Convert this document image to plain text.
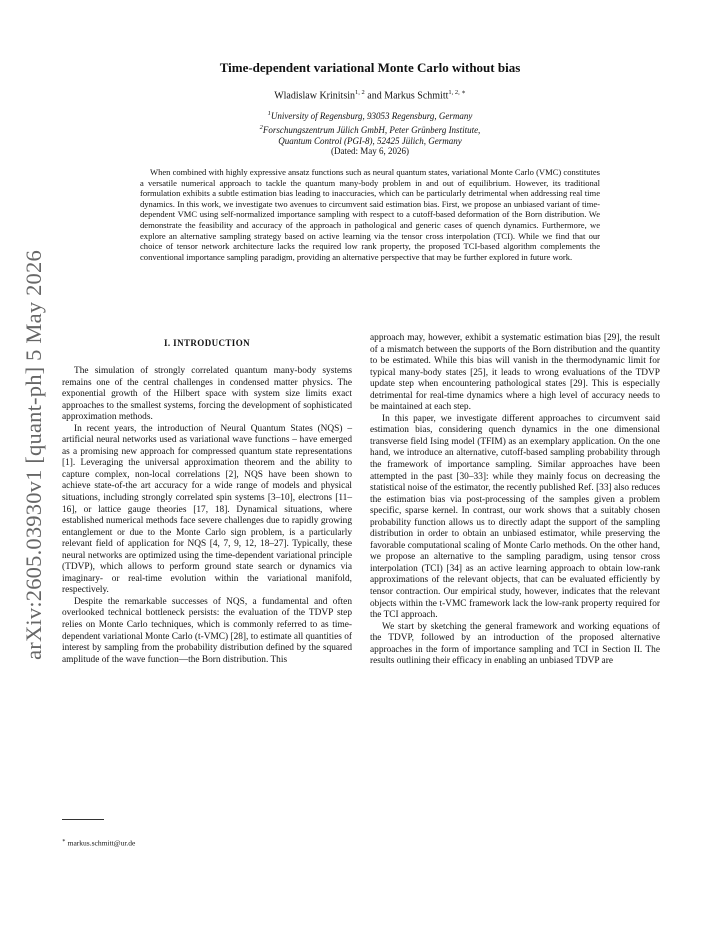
arXiv:2605.03930v1 [quant-ph] 5 May 2026
Time-dependent variational Monte Carlo without bias
Wladislaw Krinitsin$^{1, 2}$ and Markus Schmitt$^{1, 2, ∗}$
$^1$University of Regensburg, 93053 Regensburg, Germany
$^2$Forschungszentrum Jülich GmbH, Peter Grünberg Institute,
Quantum Control (PGI-8), 52425 Jülich, Germany
(Dated: May 6, 2026)
When combined with highly expressive ansatz functions such as neural quantum states, variational Monte Carlo (VMC) constitutes a versatile numerical approach to tackle the quantum many-body problem in and out of equilibrium. However, its traditional formulation exhibits a subtle estimation bias leading to inaccuracies, which can be particularly detrimental when addressing real time dynamics. In this work, we investigate two avenues to circumvent said estimation bias. First, we propose an unbiased variant of time-dependent VMC using self-normalized importance sampling with respect to a cutoff-based deformation of the Born distribution. We demonstrate the feasibility and accuracy of the approach in pathological and generic cases of quench dynamics. Furthermore, we explore an alternative sampling strategy based on active learning via the tensor cross interpolation (TCI). While we find that our choice of tensor network architecture lacks the required low rank property, the proposed TCI-based algorithm complements the conventional importance sampling paradigm, providing an alternative perspective that may be further explored in future work.
I. INTRODUCTION

The simulation of strongly correlated quantum many-body systems remains one of the central challenges in condensed matter physics. The exponential growth of the Hilbert space with system size limits exact approaches to the smallest systems, forcing the development of sophisticated approximation methods.

In recent years, the introduction of Neural Quantum States (NQS) – artificial neural networks used as variational wave functions – have emerged as a promising new approach for compressed quantum state representations [1]. Leveraging the universal approximation theorem and the ability to capture complex, non-local correlations [2], NQS have been shown to achieve state-of-the art accuracy for a wide range of models and physical situations, including strongly correlated spin systems [3–10], electrons [11–16], or lattice gauge theories [17, 18]. Dynamical situations, where established numerical methods face severe challenges due to rapidly growing entanglement or due to the Monte Carlo sign problem, is a particularly relevant field of application for NQS [4, 7, 9, 12, 18–27]. Typically, these neural networks are optimized using the time-dependent variational principle (TDVP), which allows to perform ground state search or dynamics via imaginary- or real-time evolution within the variational manifold, respectively.

Despite the remarkable successes of NQS, a fundamental and often overlooked technical bottleneck persists: the evaluation of the TDVP step relies on Monte Carlo techniques, which is commonly referred to as time-dependent variational Monte Carlo (t-VMC) [28], to estimate all quantities of interest by sampling from the probability distribution defined by the squared amplitude of the wave function—the Born distribution. This

approach may, however, exhibit a systematic estimation bias [29], the result of a mismatch between the supports of the Born distribution and the quantity to be estimated. While this bias will vanish in the thermodynamic limit for typical many-body states [25], it leads to wrong evaluations of the TDVP update step when encountering pathological states [29]. This is especially detrimental for real-time dynamics where a high level of accuracy needs to be maintained at each step.

In this paper, we investigate different approaches to circumvent said estimation bias, considering quench dynamics in the one dimensional transverse field Ising model (TFIM) as an exemplary application. On the one hand, we introduce an alternative, cutoff-based sampling probability through the framework of importance sampling. Similar approaches have been attempted in the past [30–33]: while they mainly focus on decreasing the statistical noise of the estimator, the recently published Ref. [33] also reduces the estimation bias via post-processing of the samples given a problem specific, sparse kernel. In contrast, our work shows that a suitably chosen probability function allows us to directly adapt the support of the sampling distribution in order to obtain an unbiased estimator, while preserving the favorable computational scaling of Monte Carlo methods. On the other hand, we propose an alternative to the sampling paradigm, using tensor cross interpolation (TCI) [34] as an active learning approach to obtain low-rank approximations of the relevant objects, that can be evaluated efficiently by tensor contraction. Our empirical study, however, indicates that the relevant objects within the t-VMC framework lack the low-rank property required for the TCI approach.

We start by sketching the general framework and working equations of the TDVP, followed by an introduction of the proposed alternative approaches in the form of importance sampling and TCI in Section II. The results outlining their efficacy in enabling an unbiased TDVP are

∗ markus.schmitt@ur.de
